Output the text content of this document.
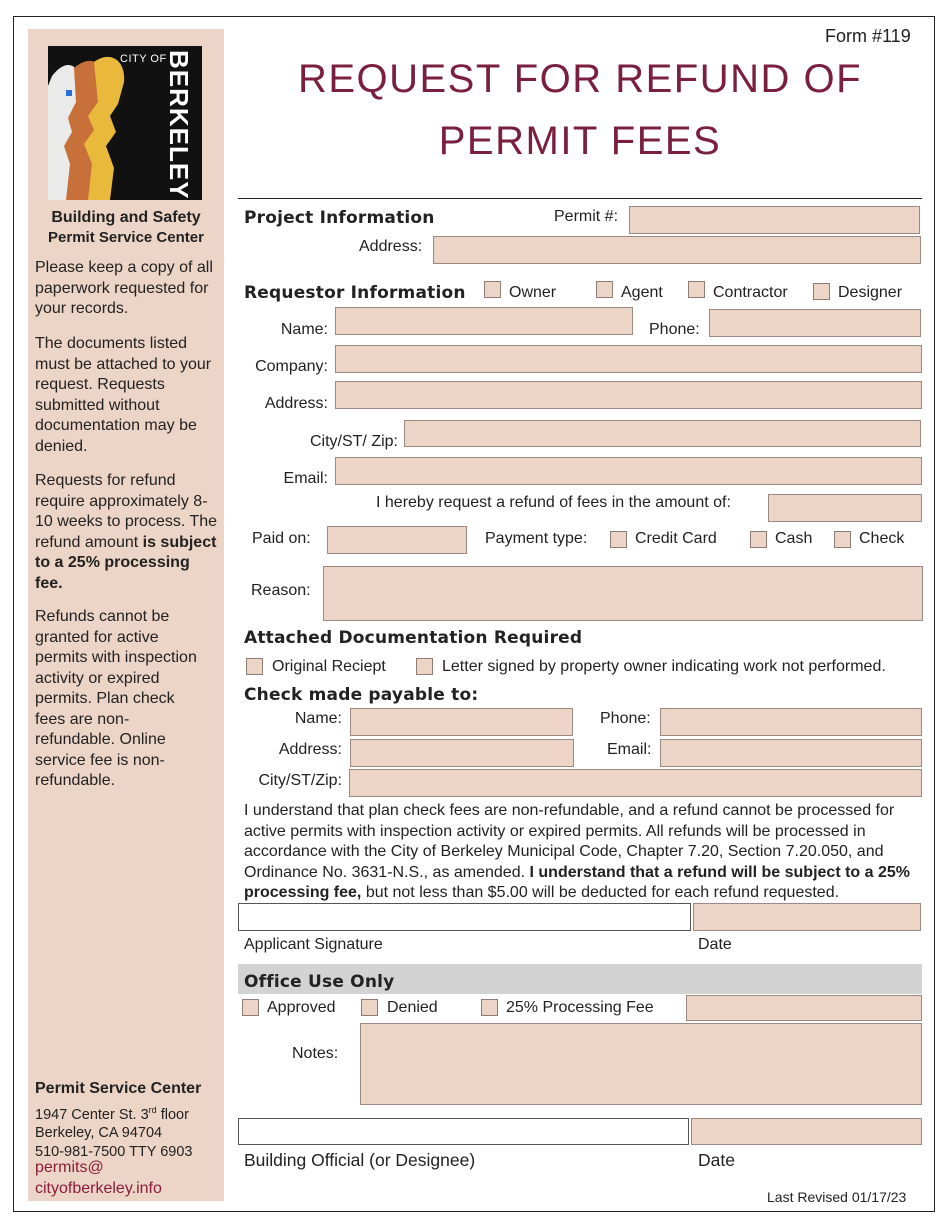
CITY OF
BERKELEY
Building and Safety
Permit Service Center
Please keep a copy of all paperwork requested for your records.
The documents listed must be attached to your request. Requests submitted without documentation may be denied.
Requests for refund require approximately 8-10 weeks to process. The refund amount is subject to a 25% processing fee.
Refunds cannot be granted for active permits with inspection activity or expired permits. Plan check fees are non-refundable. Online service fee is non-refundable.
Permit Service Center
1947 Center St. 3rd floor
Berkeley, CA 94704
510-981-7500 TTY 6903
permits@
cityofberkeley.info
Form #119
REQUEST FOR REFUND OF
PERMIT FEES
Project Information	Permit #:
Address:
Requestor Information	Owner	Agent	Contractor	Designer
Name:	Phone:
Company:
Address:
City/ST/ Zip:
Email:
I hereby request a refund of fees in the amount of:
Paid on:	Payment type:	Credit Card	Cash	Check
Reason:
Attached Documentation Required
Original Reciept	Letter signed by property owner indicating work not performed.
Check made payable to:
Name:	Phone:
Address:	Email:
City/ST/Zip:
I understand that plan check fees are non-refundable, and a refund cannot be processed for active permits with inspection activity or expired permits. All refunds will be processed in accordance with the City of Berkeley Municipal Code, Chapter 7.20, Section 7.20.050, and Ordinance No. 3631-N.S., as amended. I understand that a refund will be subject to a 25% processing fee, but not less than $5.00 will be deducted for each refund requested.
Applicant Signature	Date
Office Use Only
Approved	Denied	25% Processing Fee
Notes:
Building Official (or Designee)	Date
Last Revised 01/17/23
